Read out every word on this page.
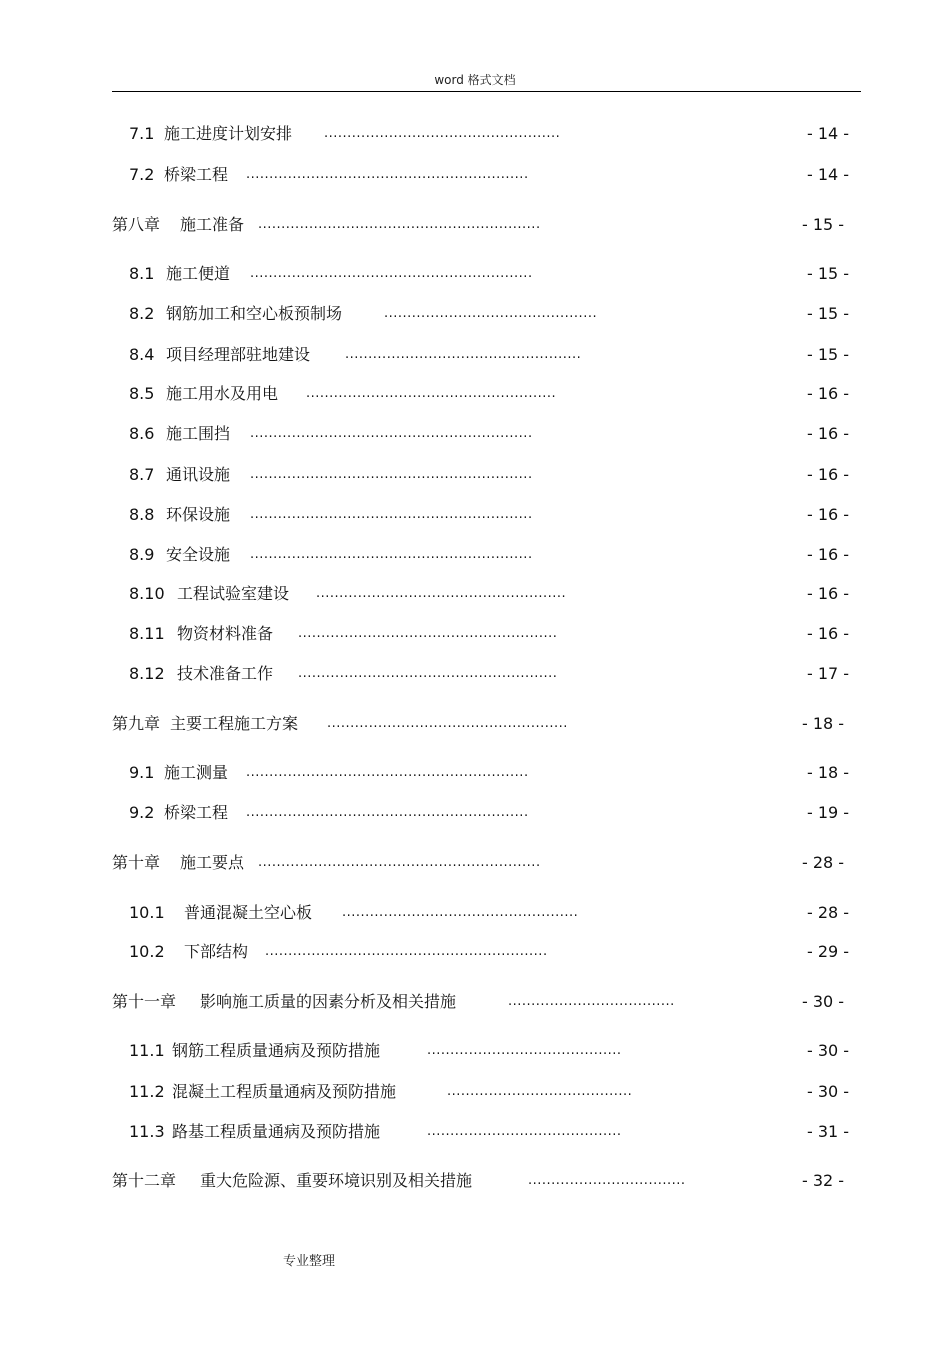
word 格式文档
7.1 施工进度计划安排 ...................................................	- 14 -
7.2 桥梁工程 .............................................................	- 14 -
第八章 施工准备 .............................................................	- 15 -
8.1 施工便道 .............................................................	- 15 -
8.2 钢筋加工和空心板预制场	..............................................	- 15 -
8.4 项目经理部驻地建设	...................................................	- 15 -
8.5 施工用水及用电 ......................................................	- 16 -
8.6 施工围挡 .............................................................	- 16 -
8.7 通讯设施 .............................................................	- 16 -
8.8 环保设施 .............................................................	- 16 -
8.9 安全设施 .............................................................	- 16 -
8.10 工程试验室建设 ......................................................	- 16 -
8.11 物资材料准备 ........................................................	- 16 -
8.12 技术准备工作 ........................................................	- 17 -
第九章 主要工程施工方案 ....................................................	- 18 -
9.1 施工测量 .............................................................	- 18 -
9.2 桥梁工程 .............................................................	- 19 -
第十章 施工要点 .............................................................	- 28 -
10.1 普通混凝土空心板 ...................................................	- 28 -
10.2 下部结构 .............................................................	- 29 -
第十一章 影响施工质量的因素分析及相关措施	....................................	- 30 -
11.1 钢筋工程质量通病及预防措施	..........................................	- 30 -
11.2 混凝土工程质量通病及预防措施	........................................	- 30 -
11.3 路基工程质量通病及预防措施	..........................................	- 31 -
第十二章 重大危险源、重要环境识别及相关措施	..................................	- 32 -
专业整理
